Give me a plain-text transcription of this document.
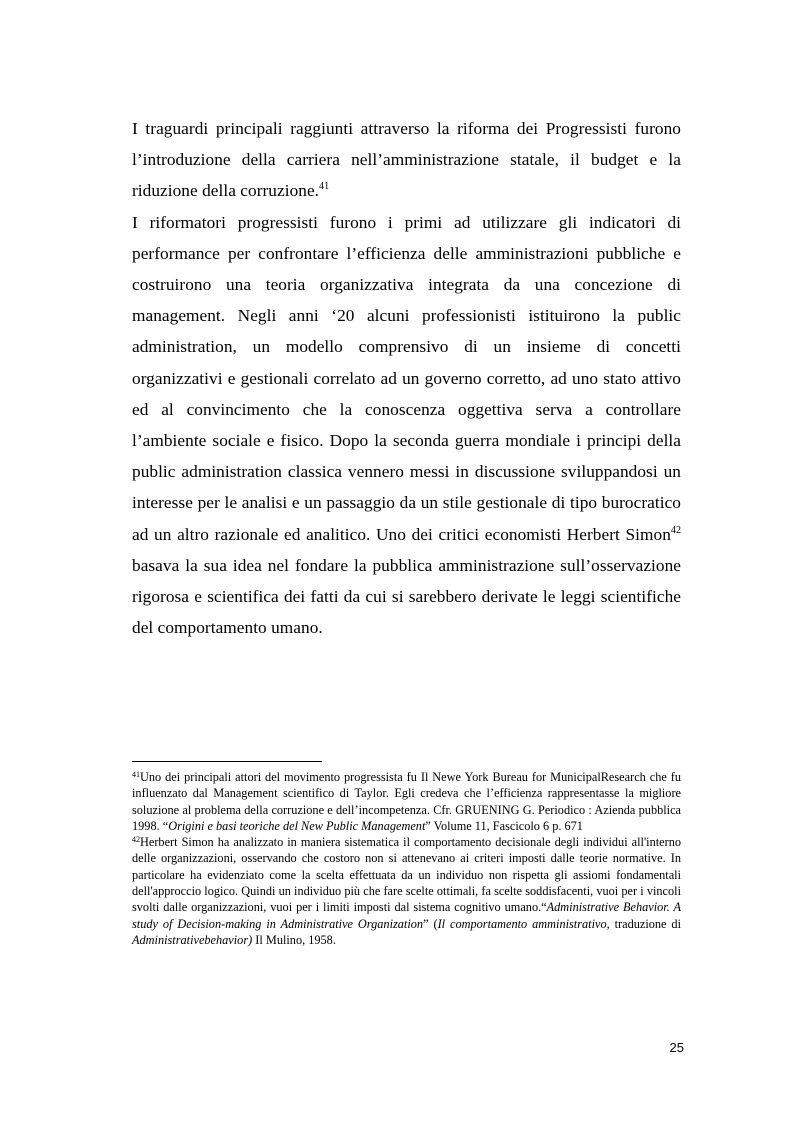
I traguardi principali raggiunti attraverso la riforma dei Progressisti furono l’introduzione della carriera nell’amministrazione statale, il budget e la riduzione della corruzione.$^{41}$

I riformatori progressisti furono i primi ad utilizzare gli indicatori di performance per confrontare l’efficienza delle amministrazioni pubbliche e costruirono una teoria organizzativa integrata da una concezione di management. Negli anni ‘20 alcuni professionisti istituirono la public administration, un modello comprensivo di un insieme di concetti organizzativi e gestionali correlato ad un governo corretto, ad uno stato attivo ed al convincimento che la conoscenza oggettiva serva a controllare l’ambiente sociale e fisico. Dopo la seconda guerra mondiale i principi della public administration classica vennero messi in discussione sviluppandosi un interesse per le analisi e un passaggio da un stile gestionale di tipo burocratico ad un altro razionale ed analitico. Uno dei critici economisti Herbert Simon$^{42}$ basava la sua idea nel fondare la pubblica amministrazione sull’osservazione rigorosa e scientifica dei fatti da cui si sarebbero derivate le leggi scientifiche del comportamento umano.

$^{41}$Uno dei principali attori del movimento progressista fu Il Newe York Bureau for MunicipalResearch che fu influenzato dal Management scientifico di Taylor. Egli credeva che l’efficienza rappresentasse la migliore soluzione al problema della corruzione e dell’incompetenza. Cfr. GRUENING G. Periodico : Azienda pubblica 1998. “Origini e basi teoriche del New Public Management” Volume 11, Fascicolo 6 p. 671

$^{42}$Herbert Simon ha analizzato in maniera sistematica il comportamento decisionale degli individui all'interno delle organizzazioni, osservando che costoro non si attenevano ai criteri imposti dalle teorie normative. In particolare ha evidenziato come la scelta effettuata da un individuo non rispetta gli assiomi fondamentali dell'approccio logico. Quindi un individuo più che fare scelte ottimali, fa scelte soddisfacenti, vuoi per i vincoli svolti dalle organizzazioni, vuoi per i limiti imposti dal sistema cognitivo umano.“Administrative Behavior. A study of Decision-making in Administrative Organization” (Il comportamento amministrativo, traduzione di Administrativebehavior) Il Mulino, 1958.

25
